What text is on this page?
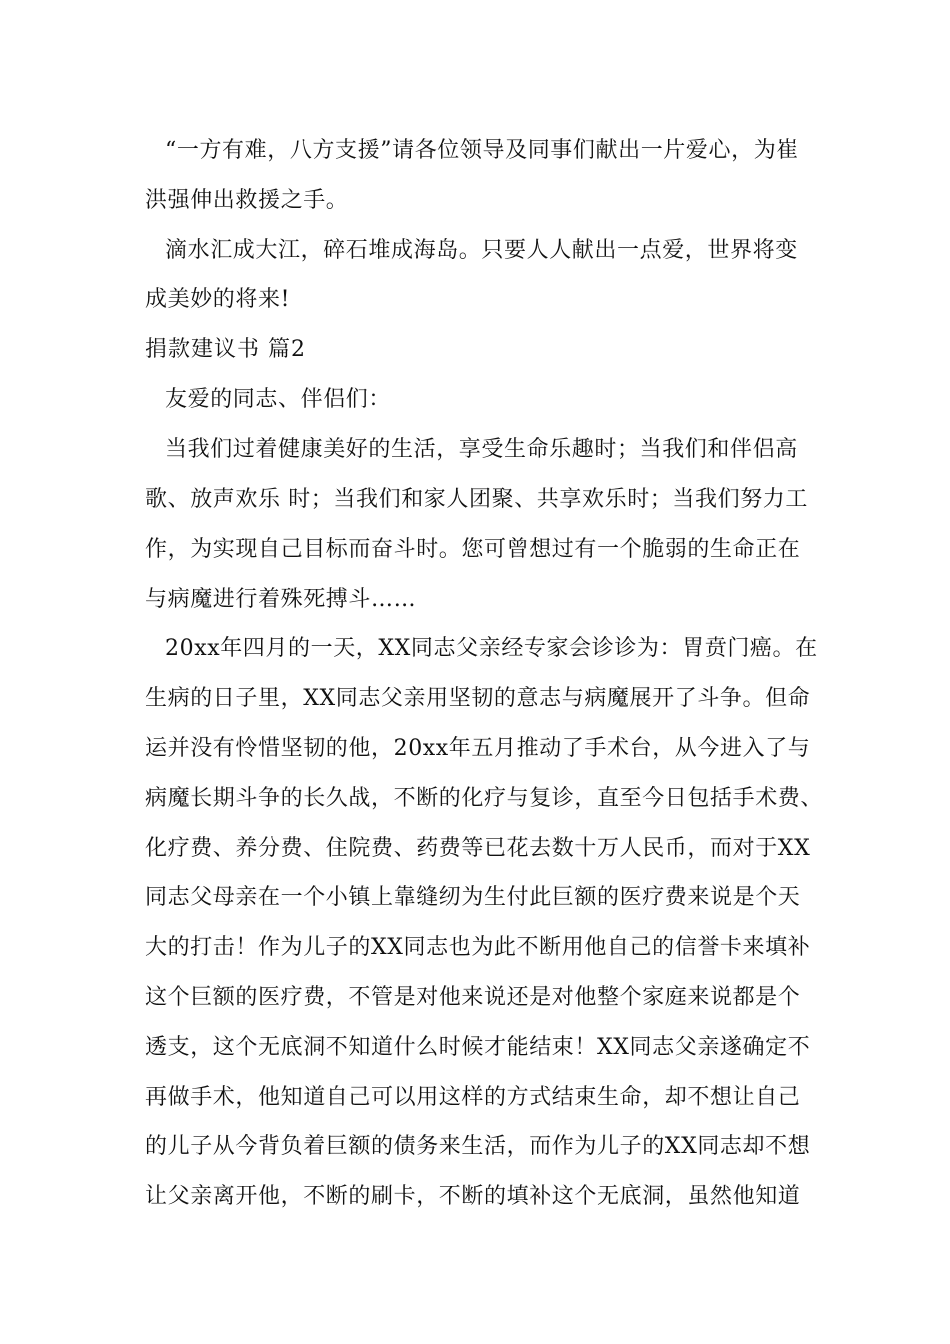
“一方有难，八方支援”请各位领导及同事们献出一片爱心，为崔
洪强伸出救援之手。
滴水汇成大江，碎石堆成海岛。只要人人献出一点爱，世界将变
成美妙的将来!
捐款建议书 篇2
友爱的同志、伴侣们：
当我们过着健康美好的生活，享受生命乐趣时；当我们和伴侣高
歌、放声欢乐 时；当我们和家人团聚、共享欢乐时；当我们努力工
作，为实现自己目标而奋斗时。您可曾想过有一个脆弱的生命正在
与病魔进行着殊死搏斗……
20xx年四月的一天，XX同志父亲经专家会诊诊为：胃贲门癌。在
生病的日子里，XX同志父亲用坚韧的意志与病魔展开了斗争。但命
运并没有怜惜坚韧的他，20xx年五月推动了手术台，从今进入了与
病魔长期斗争的长久战，不断的化疗与复诊，直至今日包括手术费、
化疗费、养分费、住院费、药费等已花去数十万人民币，而对于XX
同志父母亲在一个小镇上靠缝纫为生付此巨额的医疗费来说是个天
大的打击！作为儿子的XX同志也为此不断用他自己的信誉卡来填补
这个巨额的医疗费，不管是对他来说还是对他整个家庭来说都是个
透支，这个无底洞不知道什么时候才能结束！XX同志父亲遂确定不
再做手术，他知道自己可以用这样的方式结束生命，却不想让自己
的儿子从今背负着巨额的债务来生活，而作为儿子的XX同志却不想
让父亲离开他，不断的刷卡，不断的填补这个无底洞，虽然他知道
